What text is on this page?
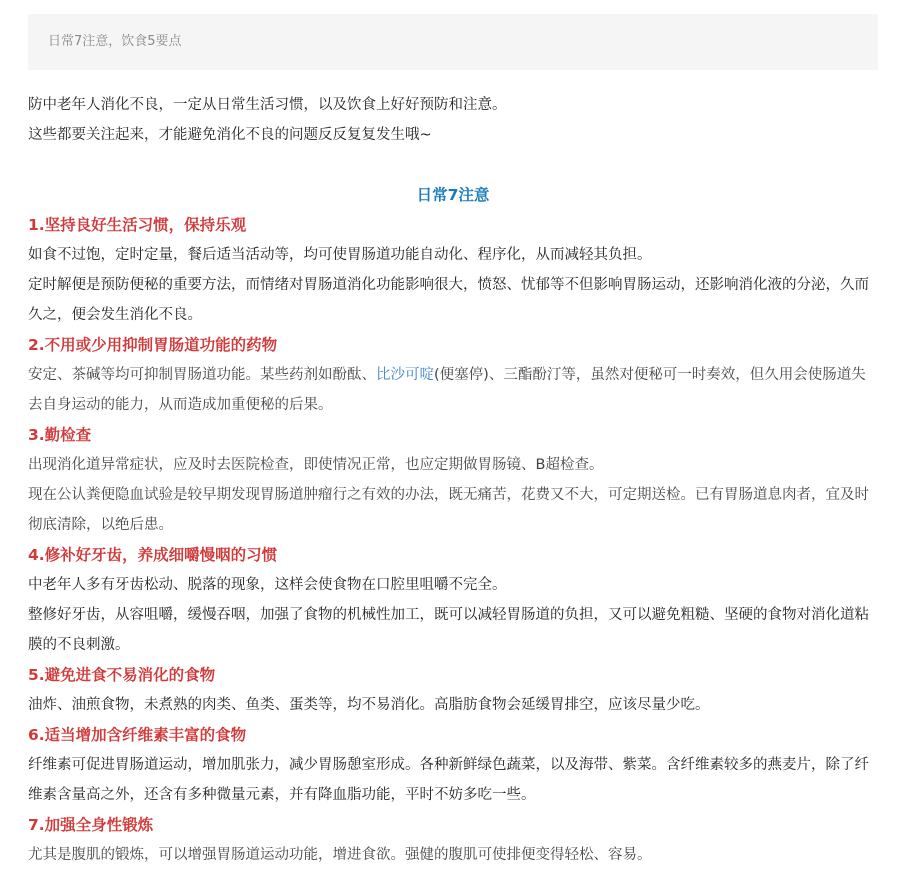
日常7注意，饮食5要点

防中老年人消化不良，一定从日常生活习惯，以及饮食上好好预防和注意。

这些都要关注起来，才能避免消化不良的问题反反复复发生哦~

日常7注意

1.坚持良好生活习惯，保持乐观

如食不过饱，定时定量，餐后适当活动等，均可使胃肠道功能自动化、程序化，从而减轻其负担。

定时解便是预防便秘的重要方法，而情绪对胃肠道消化功能影响很大，愤怒、忧郁等不但影响胃肠运动，还影响消化液的分泌，久而久之，便会发生消化不良。

2.不用或少用抑制胃肠道功能的药物

安定、茶碱等均可抑制胃肠道功能。某些药剂如酚酞、比沙可啶(便塞停)、三酯酚汀等，虽然对便秘可一时奏效，但久用会使肠道失去自身运动的能力，从而造成加重便秘的后果。

3.勤检查

出现消化道异常症状，应及时去医院检查，即使情况正常，也应定期做胃肠镜、B超检查。

现在公认粪便隐血试验是较早期发现胃肠道肿瘤行之有效的办法，既无痛苦，花费又不大，可定期送检。已有胃肠道息肉者，宜及时彻底清除，以绝后患。

4.修补好牙齿，养成细嚼慢咽的习惯

中老年人多有牙齿松动、脱落的现象，这样会使食物在口腔里咀嚼不完全。

整修好牙齿，从容咀嚼，缓慢吞咽，加强了食物的机械性加工，既可以减轻胃肠道的负担，又可以避免粗糙、坚硬的食物对消化道粘膜的不良刺激。

5.避免进食不易消化的食物

油炸、油煎食物，未煮熟的肉类、鱼类、蛋类等，均不易消化。高脂肪食物会延缓胃排空，应该尽量少吃。

6.适当增加含纤维素丰富的食物

纤维素可促进胃肠道运动，增加肌张力，减少胃肠憩室形成。各种新鲜绿色蔬菜，以及海带、紫菜。含纤维素较多的燕麦片，除了纤维素含量高之外，还含有多种微量元素，并有降血脂功能，平时不妨多吃一些。

7.加强全身性锻炼

尤其是腹肌的锻炼，可以增强胃肠道运动功能，增进食欲。强健的腹肌可使排便变得轻松、容易。
